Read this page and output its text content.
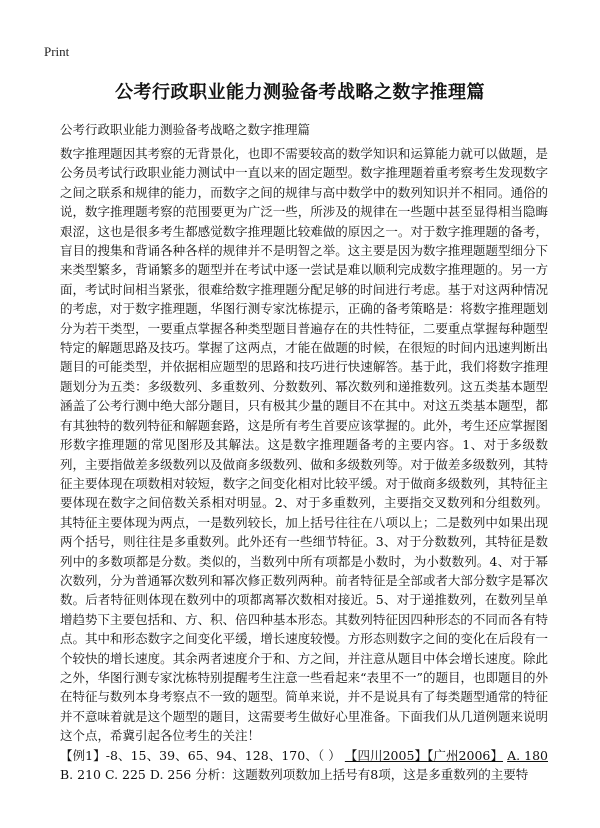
Print
公考行政职业能力测验备考战略之数字推理篇
公考行政职业能力测验备考战略之数字推理篇

数字推理题因其考察的无背景化，也即不需要较高的数学知识和运算能力就可以做题，是公务员考试行政职业能力测试中一直以来的固定题型。数字推理题着重考察考生发现数字之间之联系和规律的能力，而数字之间的规律与高中数学中的数列知识并不相同。通俗的说，数字推理题考察的范围要更为广泛一些，所涉及的规律在一些题中甚至显得相当隐晦艰涩，这也是很多考生都感觉数字推理题比较难做的原因之一。对于数字推理题的备考，盲目的搜集和背诵各种各样的规律并不是明智之举。这主要是因为数字推理题题型细分下来类型繁多，背诵繁多的题型并在考试中逐一尝试是难以顺利完成数字推理题的。另一方面，考试时间相当紧张，很难给数字推理题分配足够的时间进行考虑。基于对这两种情况的考虑，对于数字推理题，华图行测专家沈栋提示，正确的备考策略是：将数字推理题划分为若干类型，一要重点掌握各种类型题目普遍存在的共性特征，二要重点掌握每种题型特定的解题思路及技巧。掌握了这两点，才能在做题的时候，在很短的时间内迅速判断出题目的可能类型，并依据相应题型的思路和技巧进行快速解答。基于此，我们将数字推理题划分为五类：多级数列、多重数列、分数数列、幂次数列和递推数列。这五类基本题型涵盖了公考行测中绝大部分题目，只有极其少量的题目不在其中。对这五类基本题型，都有其独特的数列特征和解题套路，这是所有考生首要应该掌握的。此外，考生还应掌握图形数字推理题的常见图形及其解法。这是数字推理题备考的主要内容。1、对于多级数列，主要指做差多级数列以及做商多级数列、做和多级数列等。对于做差多级数列，其特征主要体现在项数相对较短，数字之间变化相对比较平缓。对于做商多级数列，其特征主要体现在数字之间倍数关系相对明显。2、对于多重数列，主要指交叉数列和分组数列。其特征主要体现为两点，一是数列较长，加上括号往往在八项以上；二是数列中如果出现两个括号，则往往是多重数列。此外还有一些细节特征。3、对于分数数列，其特征是数列中的多数项都是分数。类似的，当数列中所有项都是小数时，为小数数列。4、对于幂次数列，分为普通幂次数列和幂次修正数列两种。前者特征是全部或者大部分数字是幂次数。后者特征则体现在数列中的项都离幂次数相对接近。5、对于递推数列，在数列呈单增趋势下主要包括和、方、积、倍四种基本形态。其数列特征因四种形态的不同而各有特点。其中和形态数字之间变化平缓，增长速度较慢。方形态则数字之间的变化在后段有一个较快的增长速度。其余两者速度介于和、方之间，并注意从题目中体会增长速度。除此之外，华图行测专家沈栋特别提醒考生注意一些看起来“表里不一”的题目，也即题目的外在特征与数列本身考察点不一致的题型。简单来说，并不是说具有了每类题型通常的特征并不意味着就是这个题型的题目，这需要考生做好心里准备。下面我们从几道例题来说明这个点，希冀引起各位考生的关注！

【例1】-8、15、39、65、94、128、170、（ ） 【四川2005】【广州2006】 A. 180 B. 210 C. 225 D. 256 分析：这题数列项数加上括号有8项，这是多重数列的主要特
